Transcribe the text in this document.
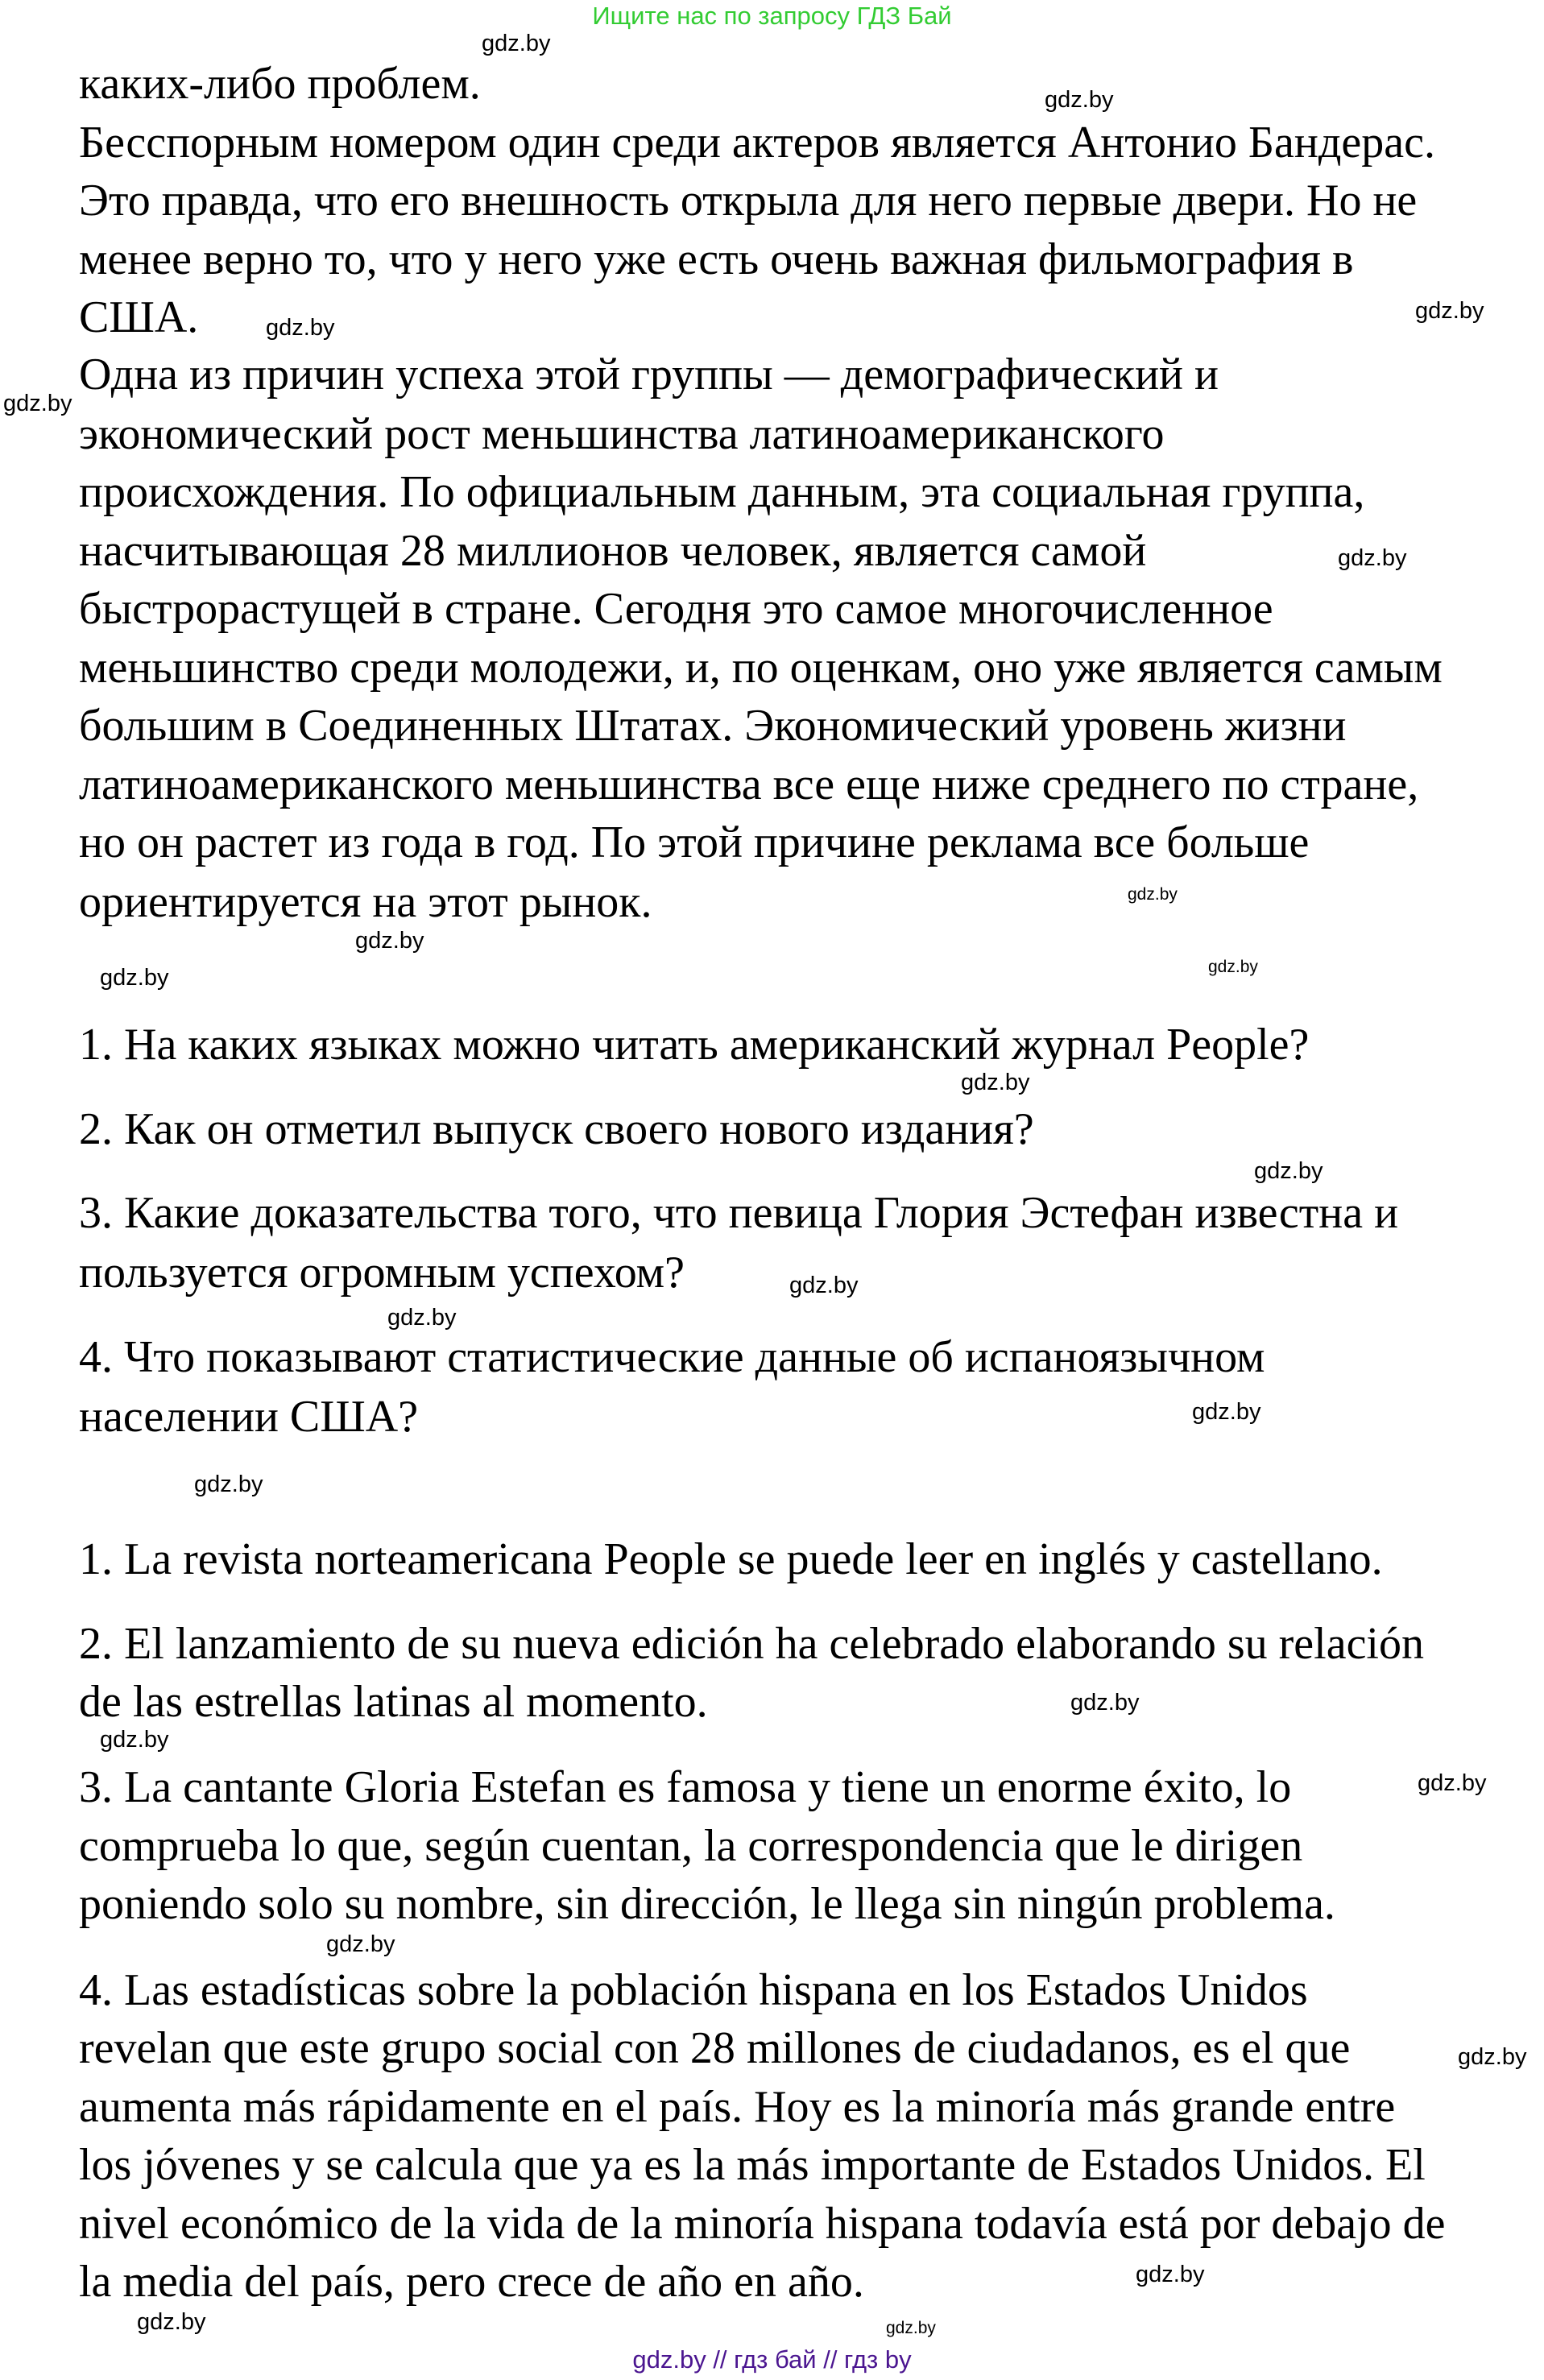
Ищите нас по запросу ГДЗ Бай
gdz.by // гдз бай // гдз by
каких-либо проблем.
Бесспорным номером один среди актеров является Антонио Бандерас.
Это правда, что его внешность открыла для него первые двери. Но не
менее верно то, что у него уже есть очень важная фильмография в
США.
Одна из причин успеха этой группы — демографический и
экономический рост меньшинства латиноамериканского
происхождения. По официальным данным, эта социальная группа,
насчитывающая 28 миллионов человек, является самой
быстрорастущей в стране. Сегодня это самое многочисленное
меньшинство среди молодежи, и, по оценкам, оно уже является самым
большим в Соединенных Штатах. Экономический уровень жизни
латиноамериканского меньшинства все еще ниже среднего по стране,
но он растет из года в год. По этой причине реклама все больше
ориентируется на этот рынок.
1. На каких языках можно читать американский журнал People?
2. Как он отметил выпуск своего нового издания?
3. Какие доказательства того, что певица Глория Эстефан известна и
пользуется огромным успехом?
4. Что показывают статистические данные об испаноязычном
населении США?
1. La revista norteamericana People se puede leer en inglés y castellano.
2. El lanzamiento de su nueva edición ha celebrado elaborando su relación
de las estrellas latinas al momento.
3. La cantante Gloria Estefan es famosa y tiene un enorme éxito, lo
comprueba lo que, según cuentan, la correspondencia que le dirigen
poniendo solo su nombre, sin dirección, le llega sin ningún problema.
4. Las estadísticas sobre la población hispana en los Estados Unidos
revelan que este grupo social con 28 millones de ciudadanos, es el que
aumenta más rápidamente en el país. Hoy es la minoría más grande entre
los jóvenes y se calcula que ya es la más importante de Estados Unidos. El
nivel económico de la vida de la minoría hispana todavía está por debajo de
la media del país, pero crece de año en año.
gdz.by
gdz.by
gdz.by
gdz.by
gdz.by
gdz.by
gdz.by
gdz.by
gdz.by
gdz.by
gdz.by
gdz.by
gdz.by
gdz.by
gdz.by
gdz.by
gdz.by
gdz.by
gdz.by
gdz.by
gdz.by
gdz.by
gdz.by
gdz.by
